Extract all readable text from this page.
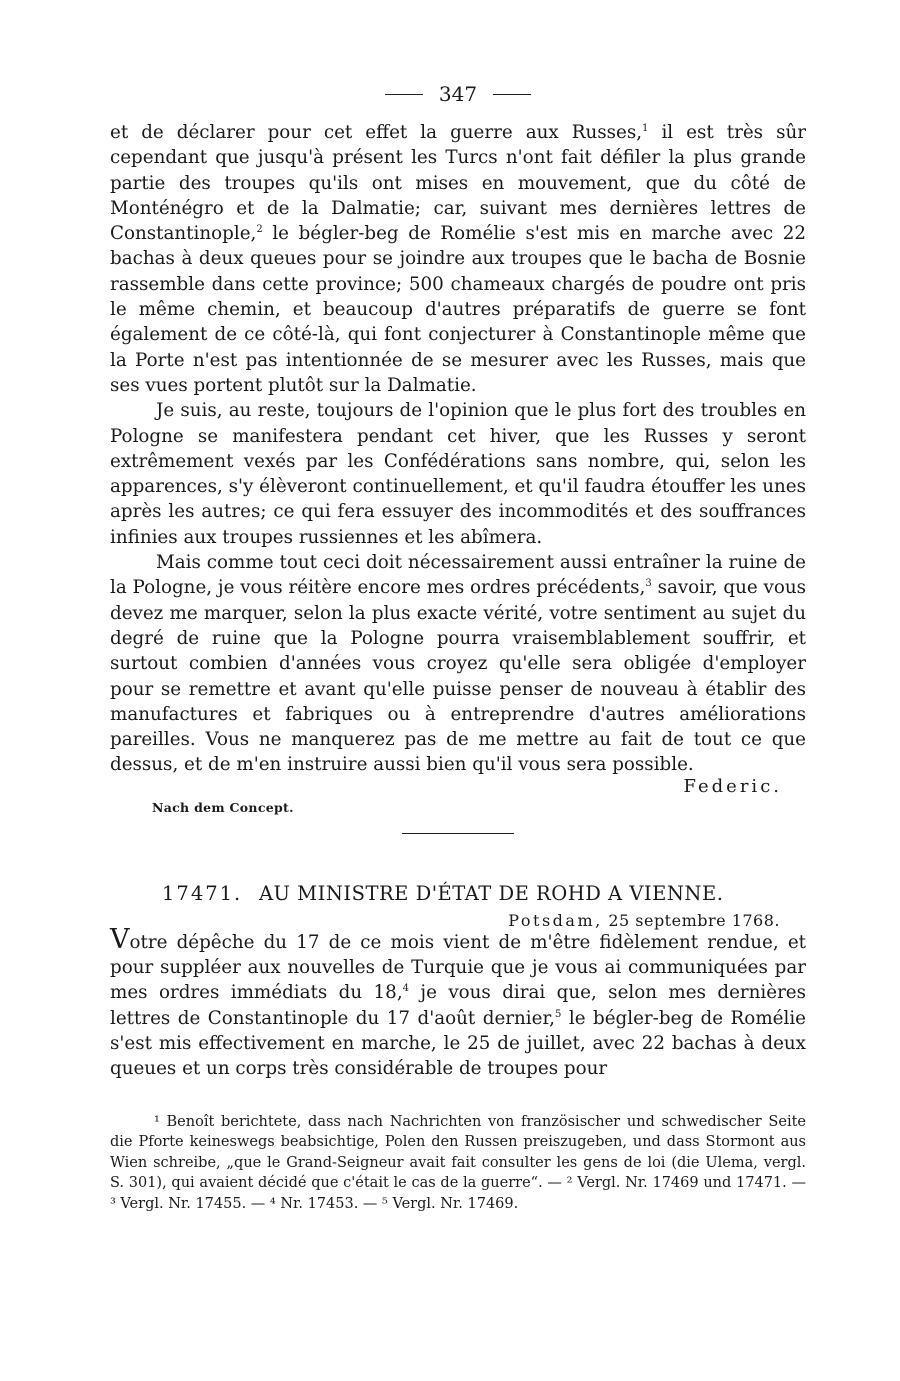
347

et de déclarer pour cet effet la guerre aux Russes,$^1$ il est très sûr cependant que jusqu'à présent les Turcs n'ont fait défiler la plus grande partie des troupes qu'ils ont mises en mouvement, que du côté de Monténégro et de la Dalmatie; car, suivant mes dernières lettres de Constantinople,$^2$ le bégler-beg de Romélie s'est mis en marche avec 22 bachas à deux queues pour se joindre aux troupes que le bacha de Bosnie rassemble dans cette province; 500 chameaux chargés de poudre ont pris le même chemin, et beaucoup d'autres préparatifs de guerre se font également de ce côté-là, qui font conjecturer à Constantinople même que la Porte n'est pas intentionnée de se mesurer avec les Russes, mais que ses vues portent plutôt sur la Dalmatie.

Je suis, au reste, toujours de l'opinion que le plus fort des troubles en Pologne se manifestera pendant cet hiver, que les Russes y seront extrêmement vexés par les Confédérations sans nombre, qui, selon les apparences, s'y élèveront continuellement, et qu'il faudra étouffer les unes après les autres; ce qui fera essuyer des incommodités et des souffrances infinies aux troupes russiennes et les abîmera.

Mais comme tout ceci doit nécessairement aussi entraîner la ruine de la Pologne, je vous réitère encore mes ordres précédents,$^3$ savoir, que vous devez me marquer, selon la plus exacte vérité, votre sentiment au sujet du degré de ruine que la Pologne pourra vraisemblablement souffrir, et surtout combien d'années vous croyez qu'elle sera obligée d'employer pour se remettre et avant qu'elle puisse penser de nouveau à établir des manufactures et fabriques ou à entreprendre d'autres améliorations pareilles. Vous ne manquerez pas de me mettre au fait de tout ce que dessus, et de m'en instruire aussi bien qu'il vous sera possible.

Federic.
Nach dem Concept.
17471. AU MINISTRE D'ÉTAT DE ROHD A VIENNE.
Potsdam, 25 septembre 1768.

Votre dépêche du 17 de ce mois vient de m'être fidèlement rendue, et pour suppléer aux nouvelles de Turquie que je vous ai communiquées par mes ordres immédiats du 18,$^4$ je vous dirai que, selon mes dernières lettres de Constantinople du 17 d'août dernier,$^5$ le bégler-beg de Romélie s'est mis effectivement en marche, le 25 de juillet, avec 22 bachas à deux queues et un corps très considérable de troupes pour

¹ Benoît berichtete, dass nach Nachrichten von französischer und schwedischer Seite die Pforte keineswegs beabsichtige, Polen den Russen preiszugeben, und dass Stormont aus Wien schreibe, „que le Grand-Seigneur avait fait consulter les gens de loi (die Ulema, vergl. S. 301), qui avaient décidé que c'était le cas de la guerre“. — ² Vergl. Nr. 17469 und 17471. — ³ Vergl. Nr. 17455. — ⁴ Nr. 17453. — ⁵ Vergl. Nr. 17469.
